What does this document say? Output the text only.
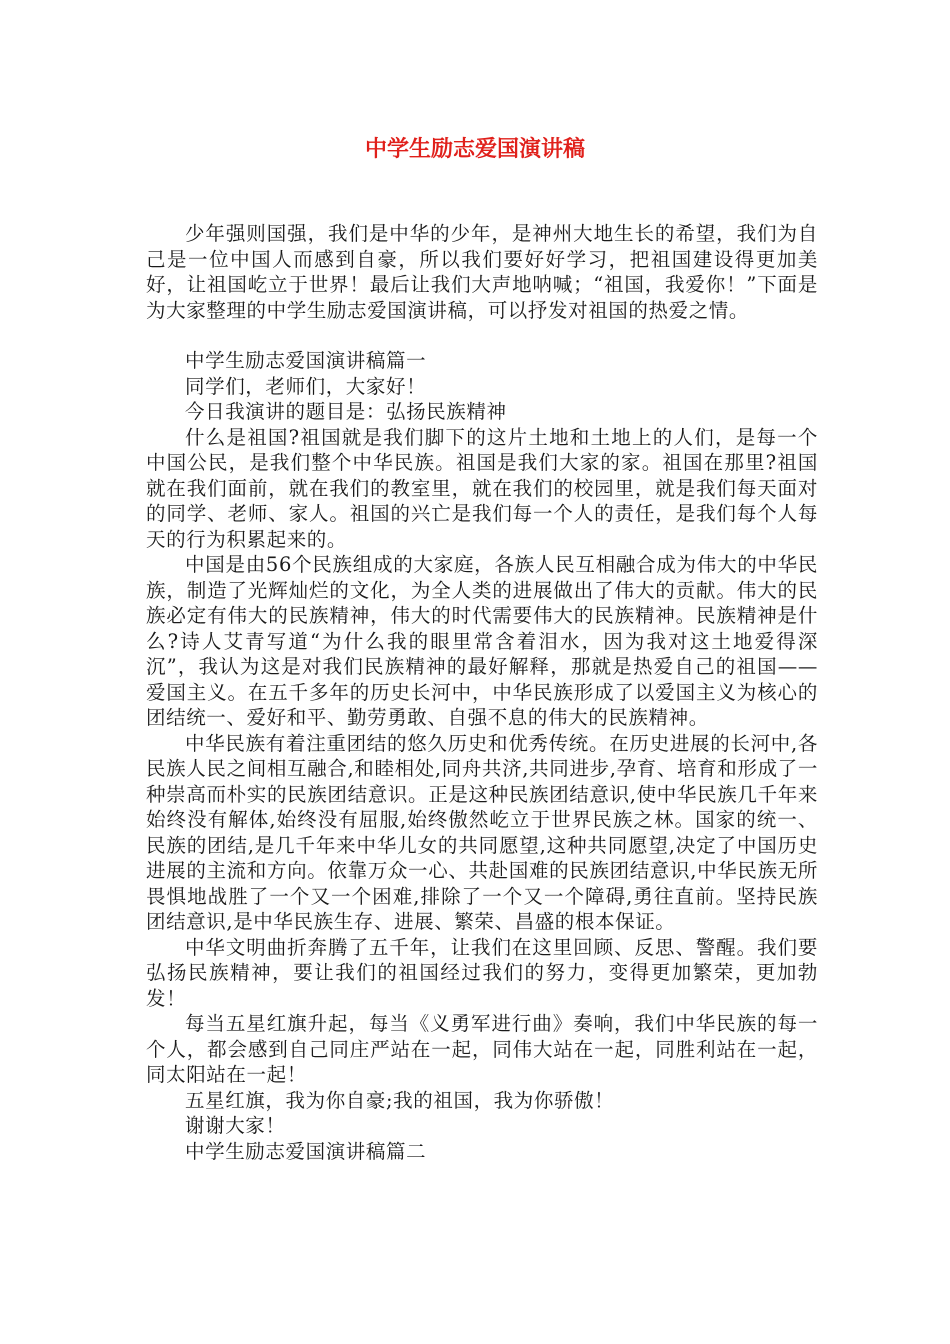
中学生励志爱国演讲稿

少年强则国强，我们是中华的少年，是神州大地生长的希望，我们为自己是一位中国人而感到自豪，所以我们要好好学习，把祖国建设得更加美好，让祖国屹立于世界！最后让我们大声地呐喊；“祖国，我爱你！”下面是为大家整理的中学生励志爱国演讲稿，可以抒发对祖国的热爱之情。

中学生励志爱国演讲稿篇一

同学们，老师们，大家好！

今日我演讲的题目是：弘扬民族精神

什么是祖国?祖国就是我们脚下的这片土地和土地上的人们，是每一个中国公民，是我们整个中华民族。祖国是我们大家的家。祖国在那里?祖国就在我们面前，就在我们的教室里，就在我们的校园里，就是我们每天面对的同学、老师、家人。祖国的兴亡是我们每一个人的责任，是我们每个人每天的行为积累起来的。

中国是由56个民族组成的大家庭，各族人民互相融合成为伟大的中华民族，制造了光辉灿烂的文化，为全人类的进展做出了伟大的贡献。伟大的民族必定有伟大的民族精神，伟大的时代需要伟大的民族精神。民族精神是什么?诗人艾青写道“为什么我的眼里常含着泪水，因为我对这土地爱得深沉”，我认为这是对我们民族精神的最好解释，那就是热爱自己的祖国——爱国主义。在五千多年的历史长河中，中华民族形成了以爱国主义为核心的团结统一、爱好和平、勤劳勇敢、自强不息的伟大的民族精神。

中华民族有着注重团结的悠久历史和优秀传统。在历史进展的长河中,各民族人民之间相互融合,和睦相处,同舟共济,共同进步,孕育、培育和形成了一种崇高而朴实的民族团结意识。正是这种民族团结意识,使中华民族几千年来始终没有解体,始终没有屈服,始终傲然屹立于世界民族之林。国家的统一、民族的团结,是几千年来中华儿女的共同愿望,这种共同愿望,决定了中国历史进展的主流和方向。依靠万众一心、共赴国难的民族团结意识,中华民族无所畏惧地战胜了一个又一个困难,排除了一个又一个障碍,勇往直前。坚持民族团结意识,是中华民族生存、进展、繁荣、昌盛的根本保证。

中华文明曲折奔腾了五千年，让我们在这里回顾、反思、警醒。我们要弘扬民族精神，要让我们的祖国经过我们的努力，变得更加繁荣，更加勃发！

每当五星红旗升起，每当《义勇军进行曲》奏响，我们中华民族的每一个人，都会感到自己同庄严站在一起，同伟大站在一起，同胜利站在一起，同太阳站在一起！

五星红旗，我为你自豪;我的祖国，我为你骄傲！

谢谢大家！

中学生励志爱国演讲稿篇二
